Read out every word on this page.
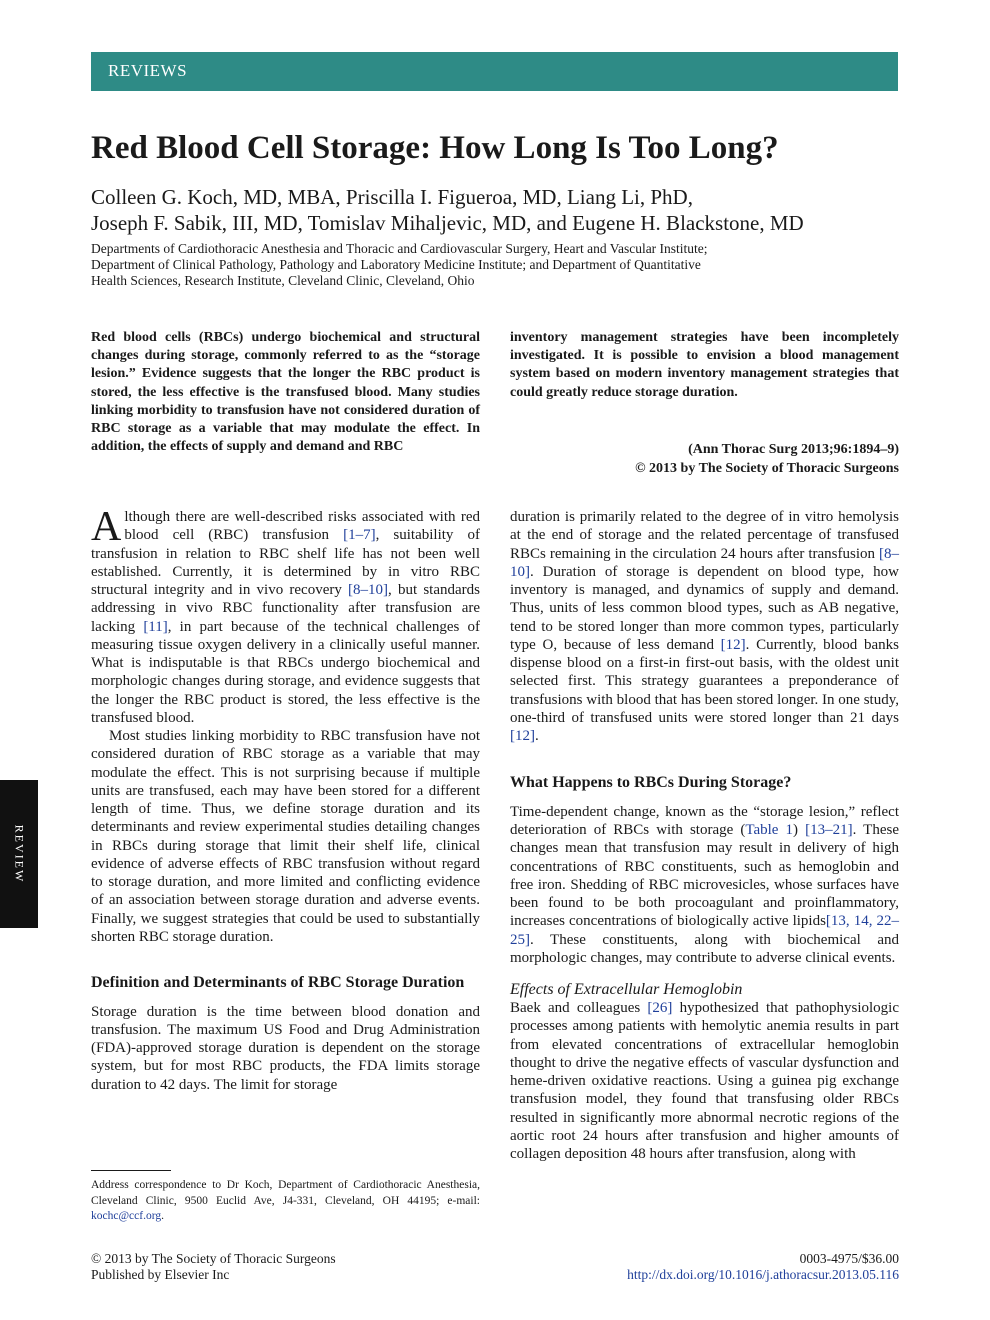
REVIEWS
Red Blood Cell Storage: How Long Is Too Long?
Colleen G. Koch, MD, MBA, Priscilla I. Figueroa, MD, Liang Li, PhD,
Joseph F. Sabik, III, MD, Tomislav Mihaljevic, MD, and Eugene H. Blackstone, MD
Departments of Cardiothoracic Anesthesia and Thoracic and Cardiovascular Surgery, Heart and Vascular Institute;
Department of Clinical Pathology, Pathology and Laboratory Medicine Institute; and Department of Quantitative
Health Sciences, Research Institute, Cleveland Clinic, Cleveland, Ohio

Red blood cells (RBCs) undergo biochemical and structural changes during storage, commonly referred to as the “storage lesion.” Evidence suggests that the longer the RBC product is stored, the less effective is the transfused blood. Many studies linking morbidity to transfusion have not considered duration of RBC storage as a variable that may modulate the effect. In addition, the effects of supply and demand and RBC

inventory management strategies have been incompletely investigated. It is possible to envision a blood management system based on modern inventory management strategies that could greatly reduce storage duration.

(Ann Thorac Surg 2013;96:1894–9)
© 2013 by The Society of Thoracic Surgeons

Although there are well-described risks associated with red blood cell (RBC) transfusion [1–7], suitability of transfusion in relation to RBC shelf life has not been well established. Currently, it is determined by in vitro RBC structural integrity and in vivo recovery [8–10], but standards addressing in vivo RBC functionality after transfusion are lacking [11], in part because of the technical challenges of measuring tissue oxygen delivery in a clinically useful manner. What is indisputable is that RBCs undergo biochemical and morphologic changes during storage, and evidence suggests that the longer the RBC product is stored, the less effective is the transfused blood.

Most studies linking morbidity to RBC transfusion have not considered duration of RBC storage as a variable that may modulate the effect. This is not surprising because if multiple units are transfused, each may have been stored for a different length of time. Thus, we define storage duration and its determinants and review experimental studies detailing changes in RBCs during storage that limit their shelf life, clinical evidence of adverse effects of RBC transfusion without regard to storage duration, and more limited and conflicting evidence of an association between storage duration and adverse events. Finally, we suggest strategies that could be used to substantially shorten RBC storage duration.

Definition and Determinants of RBC Storage Duration

Storage duration is the time between blood donation and transfusion. The maximum US Food and Drug Administration (FDA)-approved storage duration is dependent on the storage system, but for most RBC products, the FDA limits storage duration to 42 days. The limit for storage

duration is primarily related to the degree of in vitro hemolysis at the end of storage and the related percentage of transfused RBCs remaining in the circulation 24 hours after transfusion [8–10]. Duration of storage is dependent on blood type, how inventory is managed, and dynamics of supply and demand. Thus, units of less common blood types, such as AB negative, tend to be stored longer than more common types, particularly type O, because of less demand [12]. Currently, blood banks dispense blood on a first-in first-out basis, with the oldest unit selected first. This strategy guarantees a preponderance of transfusions with blood that has been stored longer. In one study, one-third of transfused units were stored longer than 21 days [12].

What Happens to RBCs During Storage?

Time-dependent change, known as the “storage lesion,” reflect deterioration of RBCs with storage (Table 1) [13–21]. These changes mean that transfusion may result in delivery of high concentrations of RBC constituents, such as hemoglobin and free iron. Shedding of RBC microvesicles, whose surfaces have been found to be both procoagulant and proinflammatory, increases concentrations of biologically active lipids[13, 14, 22–25]. These constituents, along with biochemical and morphologic changes, may contribute to adverse clinical events.

Effects of Extracellular Hemoglobin

Baek and colleagues [26] hypothesized that pathophysiologic processes among patients with hemolytic anemia results in part from elevated concentrations of extracellular hemoglobin thought to drive the negative effects of vascular dysfunction and heme-driven oxidative reactions. Using a guinea pig exchange transfusion model, they found that transfusing older RBCs resulted in significantly more abnormal necrotic regions of the aortic root 24 hours after transfusion and higher amounts of collagen deposition 48 hours after transfusion, along with

REVIEW
Address correspondence to Dr Koch, Department of Cardiothoracic Anesthesia, Cleveland Clinic, 9500 Euclid Ave, J4-331, Cleveland, OH 44195; e-mail: kochc@ccf.org.
© 2013 by The Society of Thoracic Surgeons
Published by Elsevier Inc
0003-4975/$36.00
http://dx.doi.org/10.1016/j.athoracsur.2013.05.116
